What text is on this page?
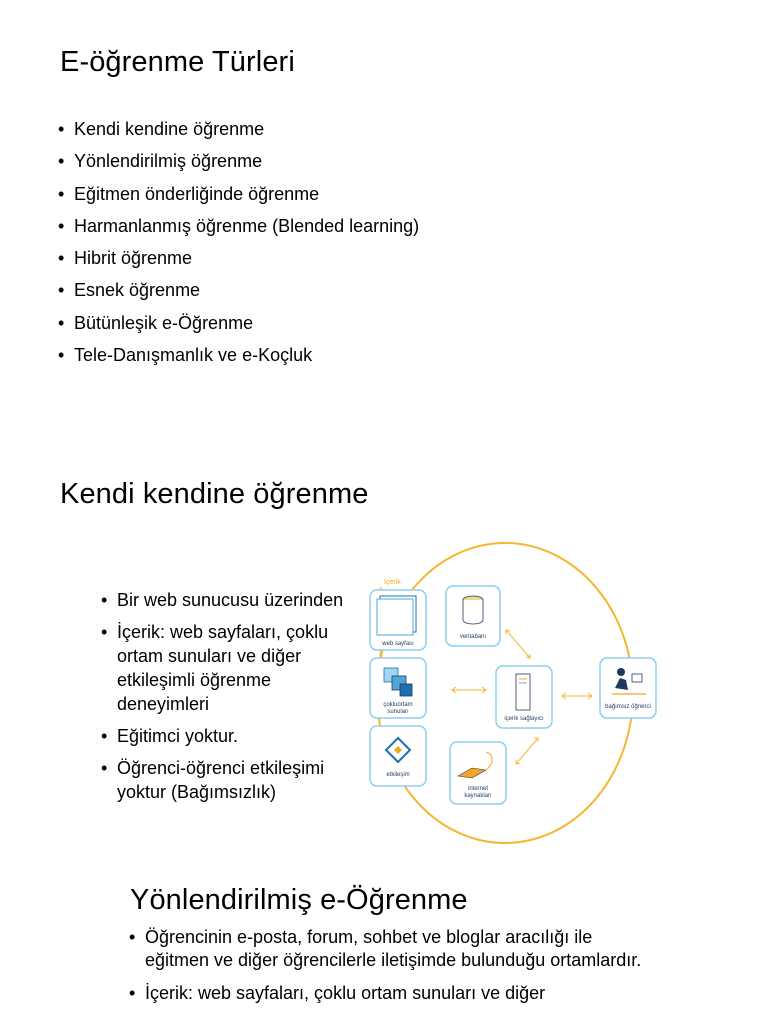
E-öğrenme Türleri
• Kendi kendine öğrenme
• Yönlendirilmiş öğrenme
• Eğitmen önderliğinde öğrenme
• Harmanlanmış öğrenme (Blended learning)
• Hibrit öğrenme
• Esnek öğrenme
• Bütünleşik e-Öğrenme
• Tele-Danışmanlık ve e-Koçluk
Kendi kendine öğrenme
• Bir web sunucusu üzerinden
• İçerik: web sayfaları, çoklu ortam sunuları ve diğer etkileşimli öğrenme deneyimleri
• Eğitimci yoktur.
• Öğrenci-öğrenci etkileşimi yoktur (Bağımsızlık)
İçerik
web sayfası
veritabanı
çokluortam
sunuları
etkileşim
içerik sağlayıcı
bağımsız öğrenci
internet
kaynakları
Yönlendirilmiş e-Öğrenme
• Öğrencinin e-posta, forum, sohbet ve bloglar aracılığı ile eğitmen ve diğer öğrencilerle iletişimde bulunduğu ortamlardır.
• İçerik: web sayfaları, çoklu ortam sunuları ve diğer
